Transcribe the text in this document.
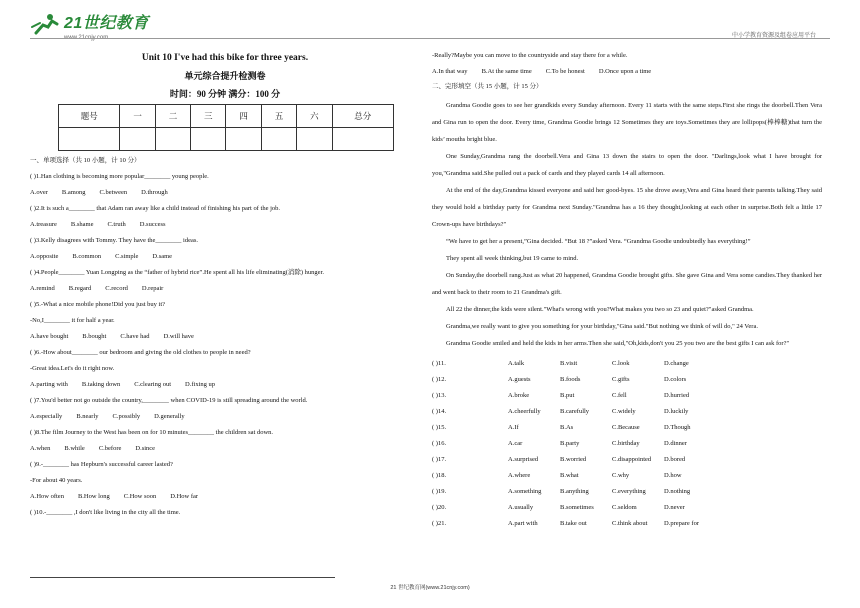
21世纪教育
www.21cnjy.com	中小学教育资源及组卷应用平台
Unit 10 I've had this bike for three years.
单元综合提升检测卷
时间：90 分钟 满分：100 分
题号	一	二	三	四	五	六	总分

一、单项选择（共 10 小题，计 10 分）
( )1.Han clothing is becoming more popular________ young people.
A.over B.among C.between D.through
( )2.It is such a________ that Adam ran away like a child instead of finishing his part of the job.
A.treasure B.shame C.truth D.success
( )3.Kelly disagrees with Tommy. They have the________ ideas.
A.opposite B.common C.simple D.same
( )4.People________ Yuan Longping as the “father of hybrid rice”.He spent all his life eliminating(消除) hunger.
A.remind B.regard C.record D.repair
( )5.-What a nice mobile phone!Did you just buy it?
-No,I________ it for half a year.
A.have bought B.bought C.have had D.will have
( )6.-How about________ our bedroom and giving the old clothes to people in need?
-Great idea.Let's do it right now.
A.parting with B.taking down C.clearing out D.fixing up
( )7.You'd better not go outside the country,________ when COVID-19 is still spreading around the world.
A.especially B.nearly C.possibly D.generally
( )8.The film Journey to the West has been on for 10 minutes________ the children sat down.
A.when B.while C.before D.since
( )9.-________ has Hepburn's successful career lasted?
-For about 40 years.
A.How often B.How long C.How soon D.How far
( )10.-________ ,I don't like living in the city all the time.
-Really?Maybe you can move to the countryside and stay there for a while.
A.In that way B.At the same time C.To be honest D.Once upon a time
二、完形填空（共 15 小题，计 15 分）

Grandma Goodie goes to see her grandkids every Sunday afternoon. Every 11 starts with the same steps.First she rings the doorbell.Then Vera and Gina run to open the door. Every time, Grandma Goodie brings 12 Sometimes they are toys.Sometimes they are lollipops(棒棒糖)that turn the kids’ mouths bright blue.

One Sunday,Grandma rang the doorbell.Vera and Gina 13 down the stairs to open the door. "Darlings,look what I have brought for you,"Grandma said.She pulled out a pack of cards and they played cards 14 all afternoon.

At the end of the day,Grandma kissed everyone and said her good-byes. 15 she drove away,Vera and Gina heard their parents talking.They said they would hold a birthday party for Grandma next Sunday."Grandma has a 16 they thought,looking at each other in surprise.Both felt a little 17 Crown-ups have birthdays?"

“We have to get her a present,”Gina decided. “But 18 ?”asked Vera. “Grandma Goodie undoubtedly has everything!”

They spent all week thinking,but 19 came to mind.

On Sunday,the doorbell rang.Just as what 20 happened, Grandma Goodie brought gifts. She gave Gina and Vera some candies.They thanked her and went back to their room to 21 Grandma's gift.

All 22 the dinner,the kids were silent."What's wrong with you?What makes you two so 23 and quiet?"asked Grandma.

Grandma,we really want to give you something for your birthday,"Gina said."But nothing we think of will do," 24 Vera.

Grandma Goodie smiled and held the kids in her arms.Then she said,"Oh,kids,don't you 25 you two are the best gifts I can ask for?"

( )11.	A.talk	B.visit	C.look	D.change
( )12.	A.guests	B.foods	C.gifts	D.colors
( )13.	A.broke	B.put	C.fell	D.hurried
( )14.	A.cheerfully	B.carefully	C.widely	D.luckily
( )15.	A.If	B.As	C.Because	D.Though
( )16.	A.car	B.party	C.birthday	D.dinner
( )17.	A.surprised	B.worried	C.disappointed	D.bored
( )18.	A.where	B.what	C.why	D.how
( )19.	A.something	B.anything	C.everything	D.nothing
( )20.	A.usually	B.sometimes	C.seldom	D.never
( )21.	A.part with	B.take out	C.think about	D.prepare for
21 世纪教育网(www.21cnjy.com)
